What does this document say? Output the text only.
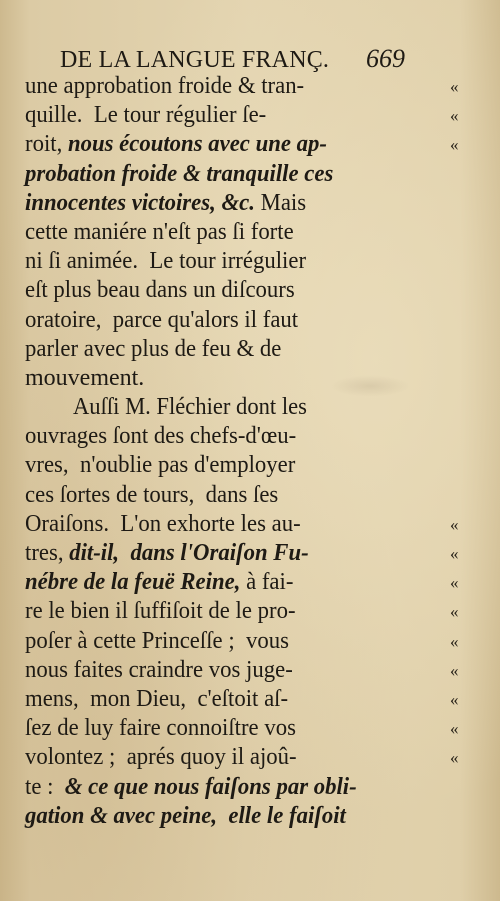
DE LA LANGUE FRANÇ. 669
une approbation froide & tran-	«
quille.  Le tour régulier ſe-	«
roit, nous écoutons avec une ap-	«
probation froide & tranquille ces
innocentes victoires, &c. Mais
cette maniére n'eſt pas ſi forte
ni ſi animée.  Le tour irrégulier
eſt plus beau dans un diſcours
oratoire,  parce qu'alors il faut
parler avec plus de feu & de
mouvement.
Auſſi M. Fléchier dont les
ouvrages ſont des chefs-d'œu-
vres,  n'oublie pas d'employer
ces ſortes de tours,  dans ſes
Oraiſons.  L'on exhorte les au-	«
tres, dit-il,  dans l'Oraiſon Fu-	«
nébre de la feuë Reine, à fai-	«
re le bien il ſuffiſoit de le pro-	«
poſer à cette Princeſſe ;  vous	«
nous faites craindre vos juge-	«
mens,  mon Dieu,  c'eſtoit aſ-	«
ſez de luy faire connoiſtre vos	«
volontez ;  aprés quoy il ajoû-	«
te : & ce que nous faiſons par obli-
gation & avec peine,  elle le faiſoit
